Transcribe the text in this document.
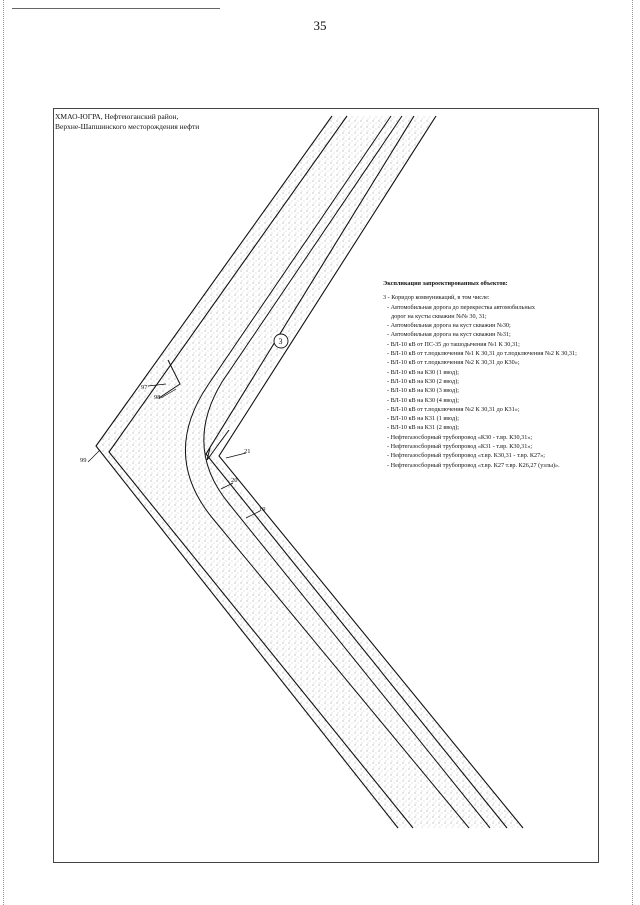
35
ХМАО-ЮГРА, Нефтеюганский район,
Верхне-Шапшинского месторождения нефти
97
98
99
21
20
19
3
Экспликация запроектированных объектов:
3 - Коридор коммуникаций, в том числе:
- Автомобильная дорога до перекрестка автомобильных
дорог на кусты скважин №№ 30, 31;
- Автомобильная дорога на куст скважин №30;
- Автомобильная дорога на куст скважин №31;
- ВЛ-10 кВ от ПС-35 до ташодычения №1 К 30,31;
- ВЛ-10 кВ от т.подключения №1 К 30,31 до т.подключения №2 К 30,31;
- ВЛ-10 кВ от т.подключения №2 К 30,31 до К30»;
- ВЛ-10 кВ на К30 (1 ввод);
- ВЛ-10 кВ на К30 (2 ввод);
- ВЛ-10 кВ на К30 (3 ввод);
- ВЛ-10 кВ на К30 (4 ввод);
- ВЛ-10 кВ от т.подключения №2 К 30,31 до К31»;
- ВЛ-10 кВ на К31 (1 ввод);
- ВЛ-10 кВ на К31 (2 ввод);
- Нефтегазосборный трубопровод «К30 - т.вр. К30,31»;
- Нефтегазосборный трубопровод «К31 - т.вр. К30,31»;
- Нефтегазосборный трубопровод «т.вр. К30,31 - т.вр. К27»;
- Нефтегазосборный трубопровод «т.вр. К27 т.вр. К26,27 (узлы)».
